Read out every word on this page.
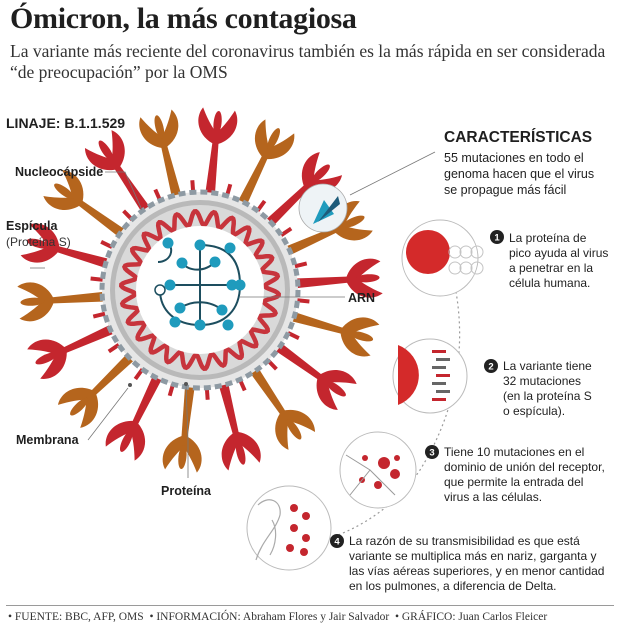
Ómicron, la más contagiosa
La variante más reciente del coronavirus también es la más rápida en ser considerada “de preocupación” por la OMS
LINAJE: B.1.1.529
Nucleocápside
Espícula
(Proteína S)
ARN
Membrana
Proteína
CARACTERÍSTICAS
55 mutaciones en todo el
genoma hacen que el virus
se propague más fácil
1 La proteína de
pico ayuda al virus
a penetrar en la
célula humana.
2 La variante tiene
32 mutaciones
(en la proteína S
o espícula).
3 Tiene 10 mutaciones en el
dominio de unión del receptor,
que permite la entrada del
virus a las células.
4 La razón de su transmisibilidad es que está
variante se multiplica más en nariz, garganta y
las vías aéreas superiores, y en menor cantidad
en los pulmones, a diferencia de Delta.
• FUENTE: BBC, AFP, OMS • INFORMACIÓN: Abraham Flores y Jair Salvador • GRÁFICO: Juan Carlos Fleicer
